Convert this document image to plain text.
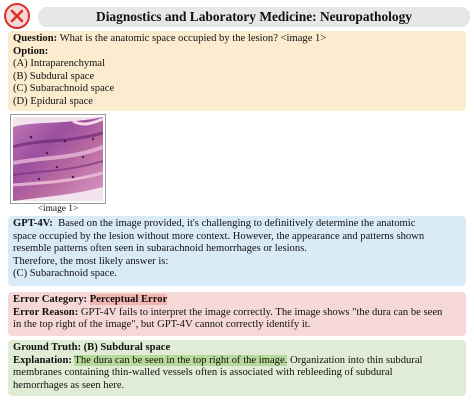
Diagnostics and Laboratory Medicine: Neuropathology
Question: What is the anatomic space occupied by the lesion? <image 1>
Option:
(A) Intraparenchymal
(B) Subdural space
(C) Subarachnoid space
(D) Epidural space
<image 1>
GPT-4V: Based on the image provided, it's challenging to definitively determine the anatomic
space occupied by the lesion without more context. However, the appearance and patterns shown
resemble patterns often seen in subarachnoid hemorrhages or lesions.
Therefore, the most likely answer is:
(C) Subarachnoid space.
Error Category: Perceptual Error
Error Reason: GPT-4V fails to interpret the image correctly. The image shows "the dura can be seen
in the top right of the image", but GPT-4V cannot correctly identify it.
Ground Truth: (B) Subdural space
Explanation: The dura can be seen in the top right of the image. Organization into thin subdural
membranes containing thin-walled vessels often is associated with rebleeding of subdural
hemorrhages as seen here.
